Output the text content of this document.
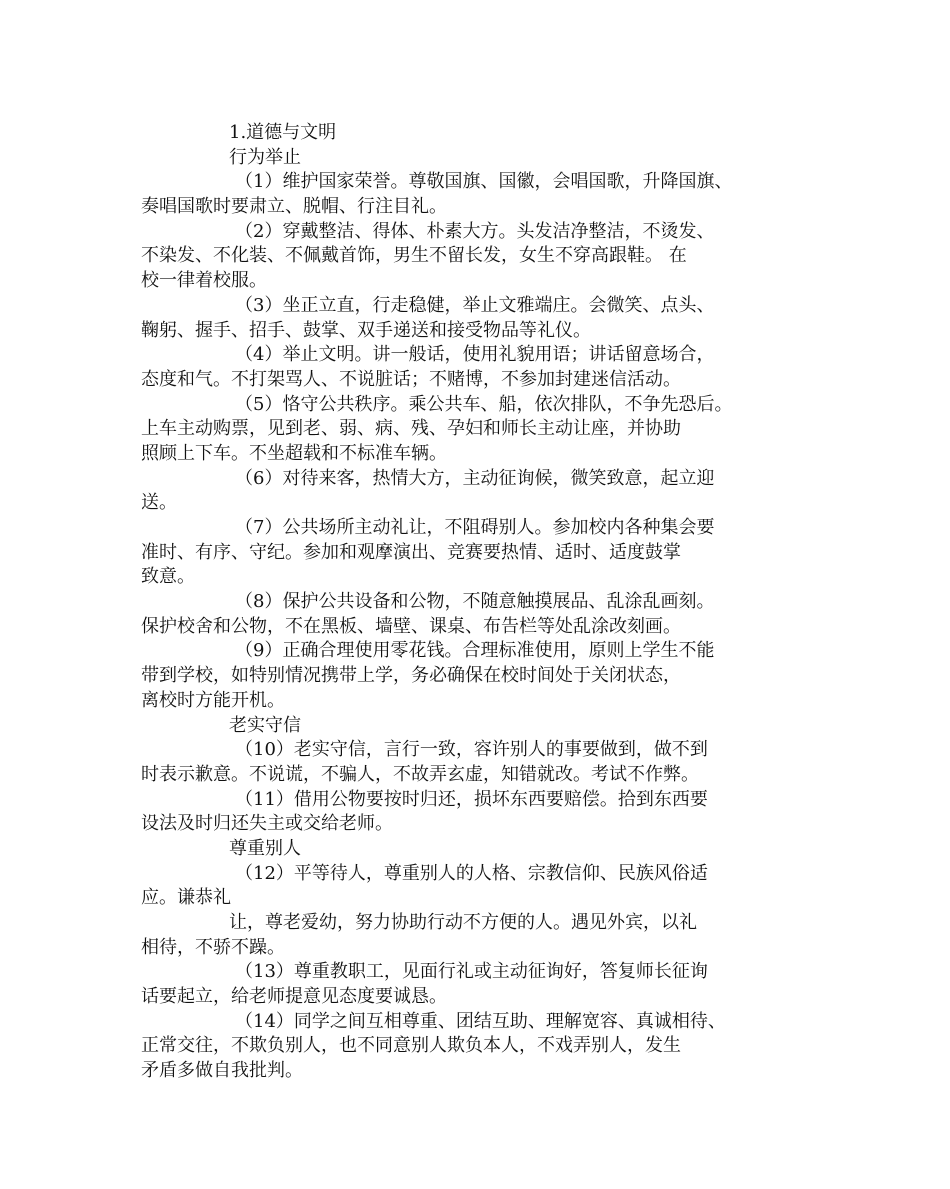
1.道德与文明
行为举止
（1）维护国家荣誉。尊敬国旗、国徽，会唱国歌，升降国旗、
奏唱国歌时要肃立、脱帽、行注目礼。
（2）穿戴整洁、得体、朴素大方。头发洁净整洁，不烫发、
不染发、不化装、不佩戴首饰，男生不留长发，女生不穿高跟鞋。 在
校一律着校服。
（3）坐正立直，行走稳健，举止文雅端庄。会微笑、点头、
鞠躬、握手、招手、鼓掌、双手递送和接受物品等礼仪。
（4）举止文明。讲一般话，使用礼貌用语；讲话留意场合，
态度和气。不打架骂人、不说脏话；不赌博，不参加封建迷信活动。
（5）恪守公共秩序。乘公共车、船，依次排队，不争先恐后。
上车主动购票，见到老、弱、病、残、孕妇和师长主动让座，并协助
照顾上下车。不坐超载和不标准车辆。
（6）对待来客，热情大方，主动征询候，微笑致意，起立迎
送。
（7）公共场所主动礼让，不阻碍别人。参加校内各种集会要
准时、有序、守纪。参加和观摩演出、竞赛要热情、适时、适度鼓掌
致意。
（8）保护公共设备和公物，不随意触摸展品、乱涂乱画刻。
保护校舍和公物，不在黑板、墙壁、课桌、布告栏等处乱涂改刻画。
（9）正确合理使用零花钱。合理标准使用，原则上学生不能
带到学校，如特别情况携带上学，务必确保在校时间处于关闭状态，
离校时方能开机。
老实守信
（10）老实守信，言行一致，容许别人的事要做到，做不到
时表示歉意。不说谎，不骗人，不故弄玄虚，知错就改。考试不作弊。
（11）借用公物要按时归还，损坏东西要赔偿。拾到东西要
设法及时归还失主或交给老师。
尊重别人
（12）平等待人，尊重别人的人格、宗教信仰、民族风俗适
应。谦恭礼
让，尊老爱幼，努力协助行动不方便的人。遇见外宾，以礼
相待，不骄不躁。
（13）尊重教职工，见面行礼或主动征询好，答复师长征询
话要起立，给老师提意见态度要诚恳。
（14）同学之间互相尊重、团结互助、理解宽容、真诚相待、
正常交往，不欺负别人，也不同意别人欺负本人，不戏弄别人，发生
矛盾多做自我批判。
